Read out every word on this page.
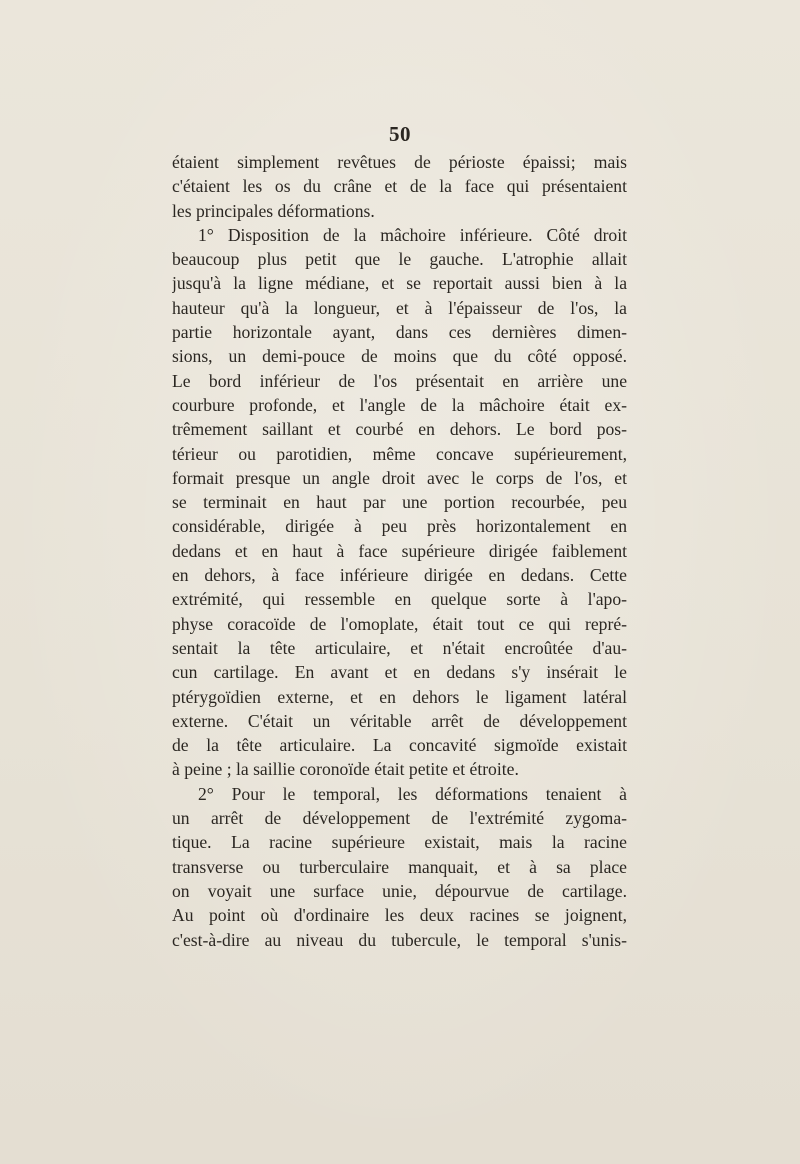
50
étaient simplement revêtues de périoste épaissi; mais
c'étaient les os du crâne et de la face qui présentaient
les principales déformations.
1° Disposition de la mâchoire inférieure. Côté droit
beaucoup plus petit que le gauche. L'atrophie allait
jusqu'à la ligne médiane, et se reportait aussi bien à la
hauteur qu'à la longueur, et à l'épaisseur de l'os, la
partie horizontale ayant, dans ces dernières dimen-
sions, un demi-pouce de moins que du côté opposé.
Le bord inférieur de l'os présentait en arrière une
courbure profonde, et l'angle de la mâchoire était ex-
trêmement saillant et courbé en dehors. Le bord pos-
térieur ou parotidien, même concave supérieurement,
formait presque un angle droit avec le corps de l'os, et
se terminait en haut par une portion recourbée, peu
considérable, dirigée à peu près horizontalement en
dedans et en haut à face supérieure dirigée faiblement
en dehors, à face inférieure dirigée en dedans. Cette
extrémité, qui ressemble en quelque sorte à l'apo-
physe coracoïde de l'omoplate, était tout ce qui repré-
sentait la tête articulaire, et n'était encroûtée d'au-
cun cartilage. En avant et en dedans s'y insérait le
ptérygoïdien externe, et en dehors le ligament latéral
externe. C'était un véritable arrêt de développement
de la tête articulaire. La concavité sigmoïde existait
à peine ; la saillie coronoïde était petite et étroite.
2° Pour le temporal, les déformations tenaient à
un arrêt de développement de l'extrémité zygoma-
tique. La racine supérieure existait, mais la racine
transverse ou turberculaire manquait, et à sa place
on voyait une surface unie, dépourvue de cartilage.
Au point où d'ordinaire les deux racines se joignent,
c'est-à-dire au niveau du tubercule, le temporal s'unis-
